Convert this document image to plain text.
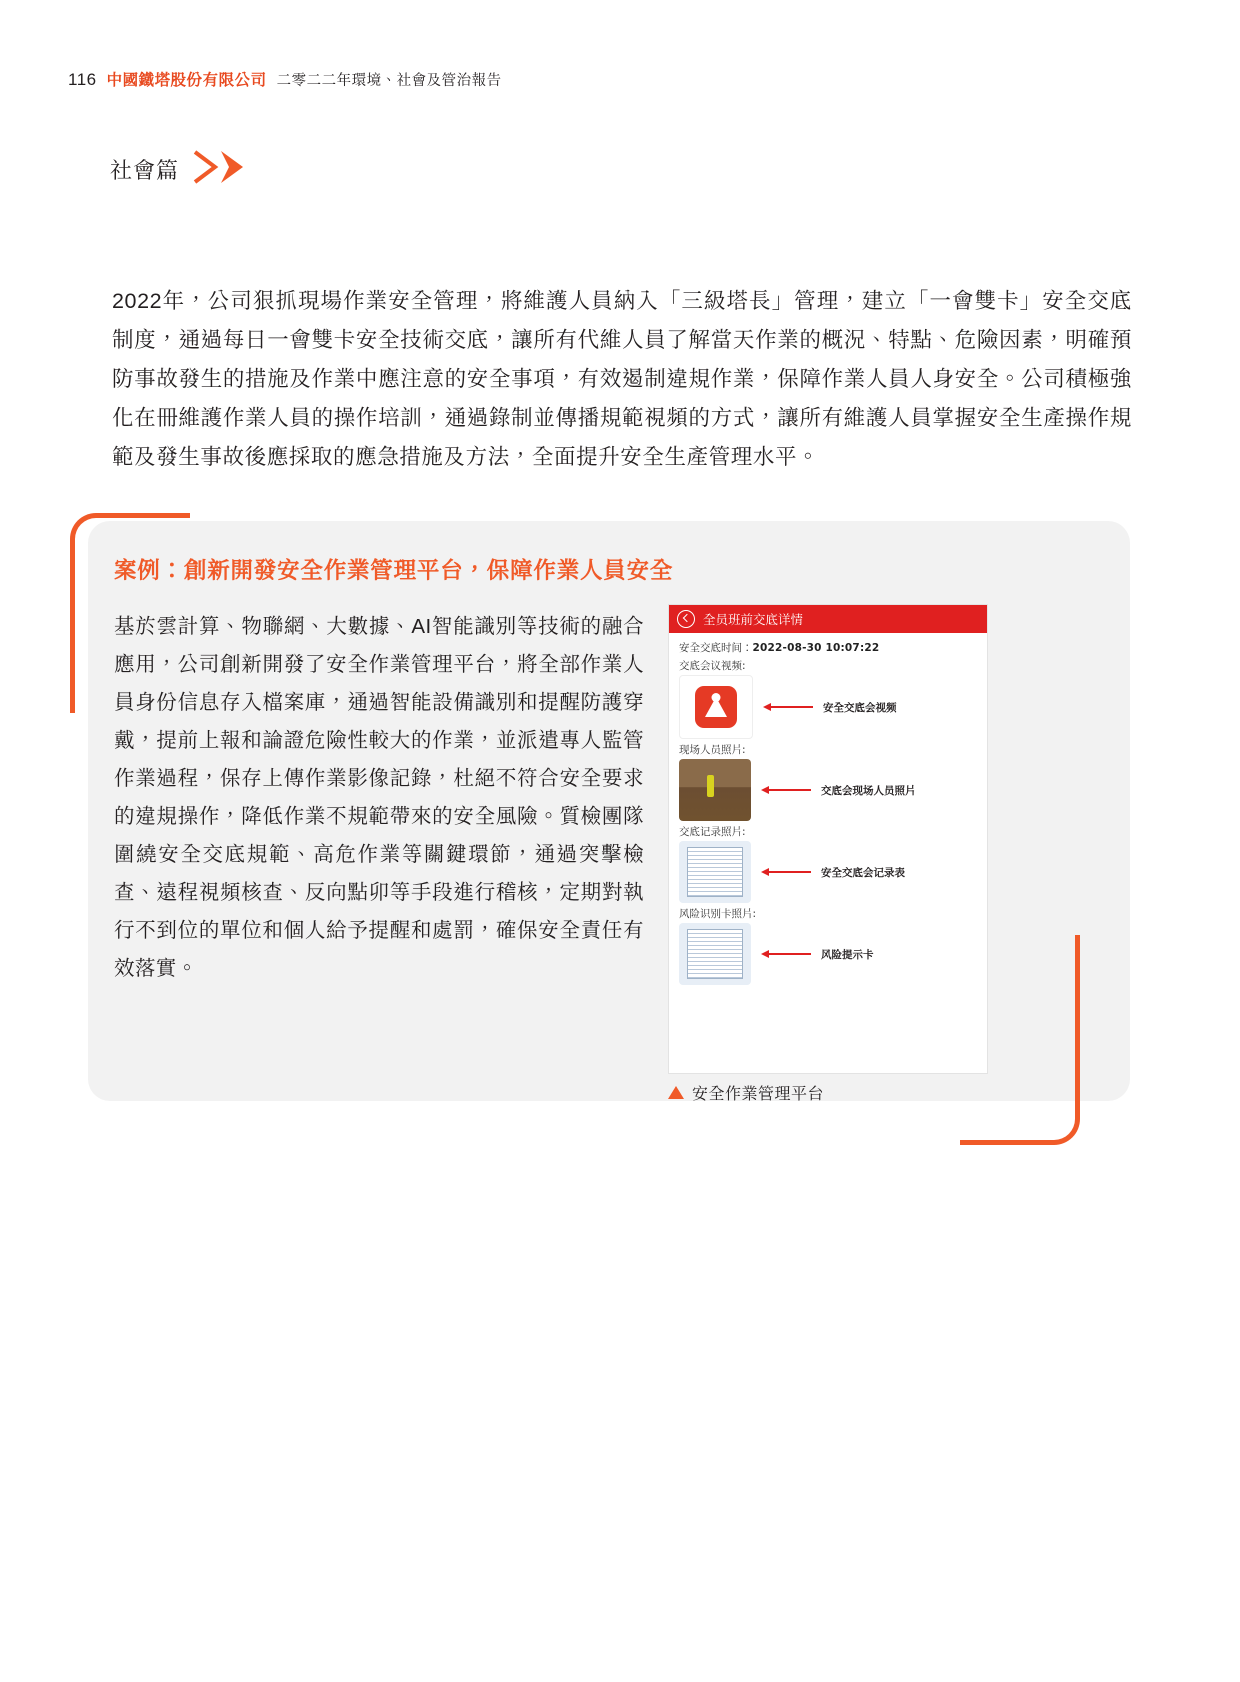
116 中國鐵塔股份有限公司 二零二二年環境、社會及管治報告
社會篇
2022年，公司狠抓現場作業安全管理，將維護人員納入「三級塔長」管理，建立「一會雙卡」安全交底制度，通過每日一會雙卡安全技術交底，讓所有代維人員了解當天作業的概況、特點、危險因素，明確預防事故發生的措施及作業中應注意的安全事項，有效遏制違規作業，保障作業人員人身安全。公司積極強化在冊維護作業人員的操作培訓，通過錄制並傳播規範視頻的方式，讓所有維護人員掌握安全生產操作規範及發生事故後應採取的應急措施及方法，全面提升安全生產管理水平。
案例：創新開發安全作業管理平台，保障作業人員安全
基於雲計算、物聯網、大數據、AI智能識別等技術的融合應用，公司創新開發了安全作業管理平台，將全部作業人員身份信息存入檔案庫，通過智能設備識別和提醒防護穿戴，提前上報和論證危險性較大的作業，並派遣專人監管作業過程，保存上傳作業影像記錄，杜絕不符合安全要求的違規操作，降低作業不規範帶來的安全風險。質檢團隊圍繞安全交底規範、高危作業等關鍵環節，通過突擊檢查、遠程視頻核查、反向點卯等手段進行稽核，定期對執行不到位的單位和個人給予提醒和處罰，確保安全責任有效落實。
全员班前交底详情
安全交底时间：2022-08-30 10:07:22
交底会议视频:
安全交底会视频
现场人员照片:
交底会现场人员照片
交底记录照片:
安全交底会记录表
风险识别卡照片:
风险提示卡
安全作業管理平台
